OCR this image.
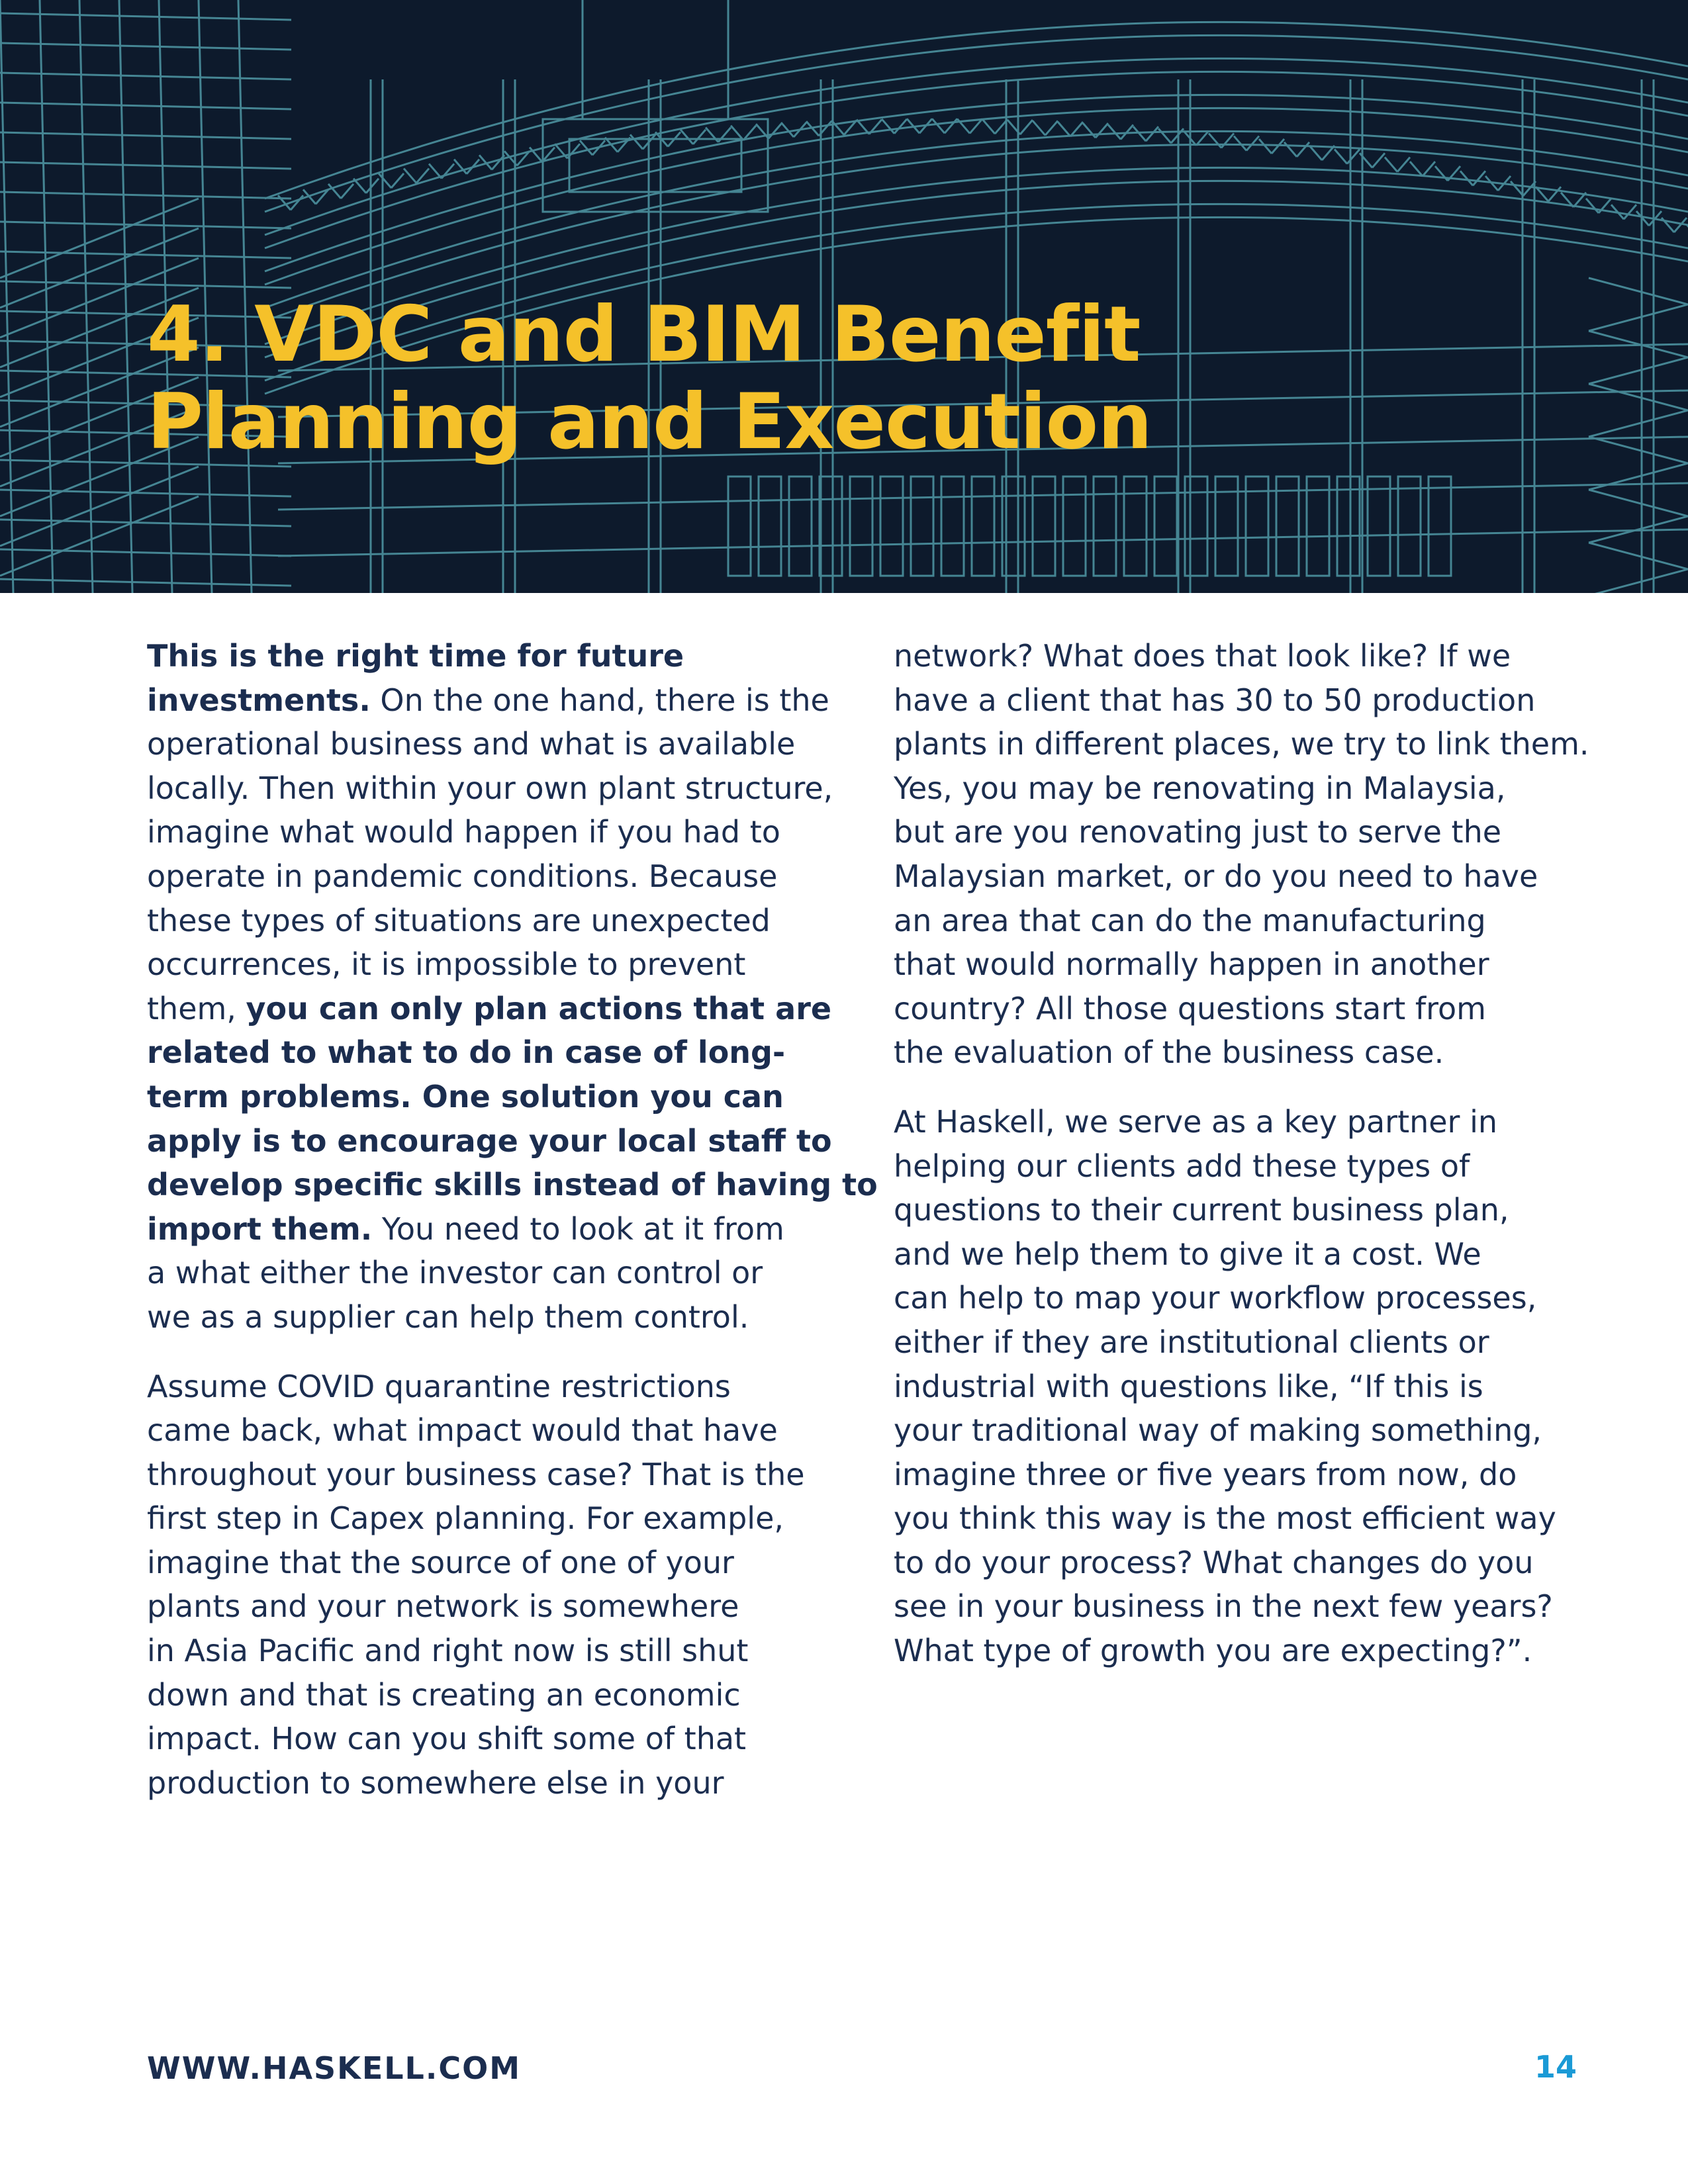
4. VDC and BIM Benefit
Planning and Execution

This is the right time for future
investments. On the one hand, there is the
operational business and what is available
locally. Then within your own plant structure,
imagine what would happen if you had to
operate in pandemic conditions. Because
these types of situations are unexpected
occurrences, it is impossible to prevent
them, you can only plan actions that are
related to what to do in case of long-
term problems. One solution you can
apply is to encourage your local staff to
develop specific skills instead of having to
import them. You need to look at it from
a what either the investor can control or
we as a supplier can help them control.

Assume COVID quarantine restrictions
came back, what impact would that have
throughout your business case? That is the
first step in Capex planning. For example,
imagine that the source of one of your
plants and your network is somewhere
in Asia Pacific and right now is still shut
down and that is creating an economic
impact. How can you shift some of that
production to somewhere else in your

network? What does that look like? If we
have a client that has 30 to 50 production
plants in different places, we try to link them.
Yes, you may be renovating in Malaysia,
but are you renovating just to serve the
Malaysian market, or do you need to have
an area that can do the manufacturing
that would normally happen in another
country? All those questions start from
the evaluation of the business case.

At Haskell, we serve as a key partner in
helping our clients add these types of
questions to their current business plan,
and we help them to give it a cost. We
can help to map your workflow processes,
either if they are institutional clients or
industrial with questions like, “If this is
your traditional way of making something,
imagine three or five years from now, do
you think this way is the most efficient way
to do your process? What changes do you
see in your business in the next few years?
What type of growth you are expecting?”.

WWW.HASKELL.COM	14
